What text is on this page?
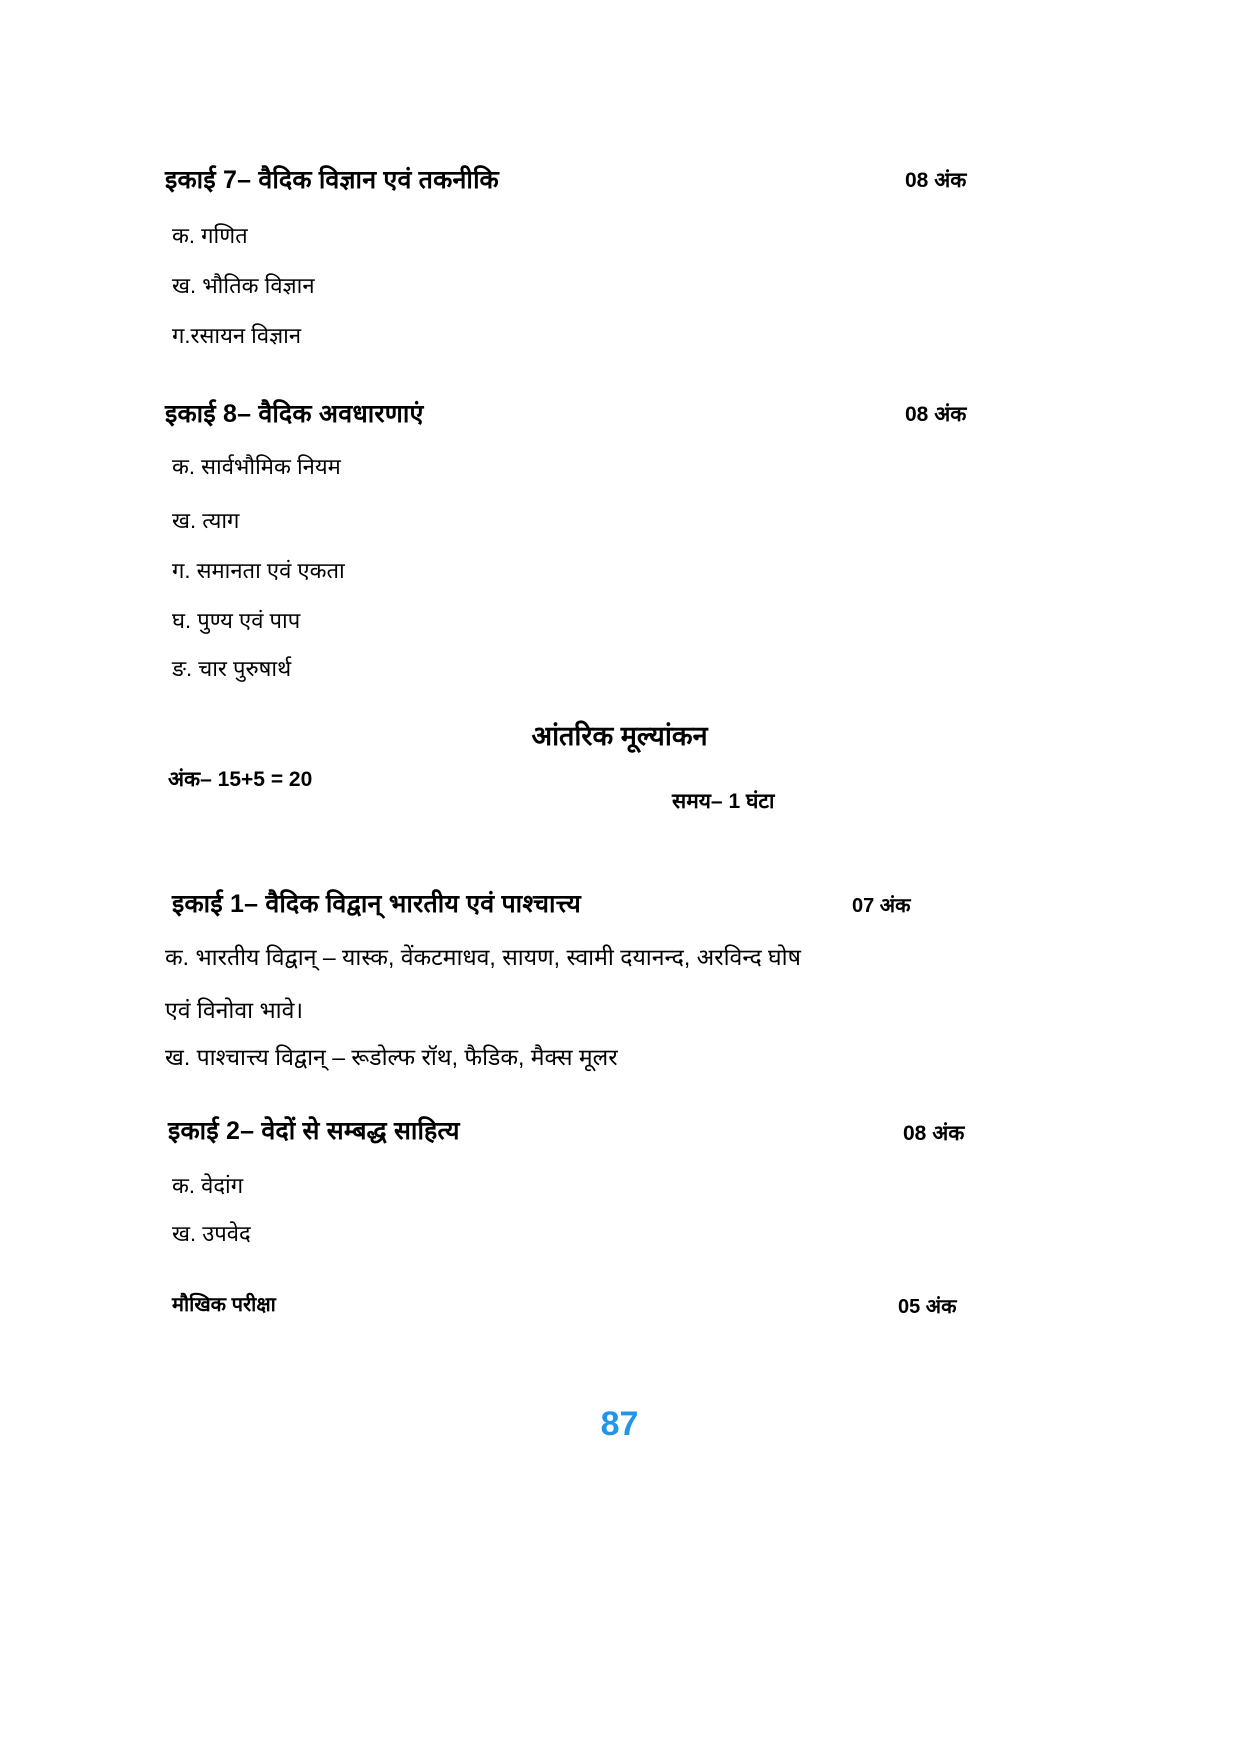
इकाई 7– वैदिक विज्ञान एवं तकनीकि	08 अंक
क. गणित
ख. भौतिक विज्ञान
ग.रसायन विज्ञान
इकाई 8– वैदिक अवधारणाएं	08 अंक
क. सार्वभौमिक नियम
ख. त्याग
ग. समानता एवं एकता
घ. पुण्य एवं पाप
ङ. चार पुरुषार्थ
आंतरिक मूल्यांकन
अंक– 15+5 = 20
समय– 1 घंटा
इकाई 1– वैदिक विद्वान् भारतीय एवं पाश्चात्त्य	07 अंक
क. भारतीय विद्वान् – यास्क, वेंकटमाधव, सायण, स्वामी दयानन्द, अरविन्द घोष
एवं विनोवा भावे।
ख. पाश्चात्त्य विद्वान् – रूडोल्फ रॉथ, फैडिक, मैक्स मूलर
इकाई 2– वेदों से सम्बद्ध साहित्य	08 अंक
क. वेदांग
ख. उपवेद
मौखिक परीक्षा	05 अंक
87
